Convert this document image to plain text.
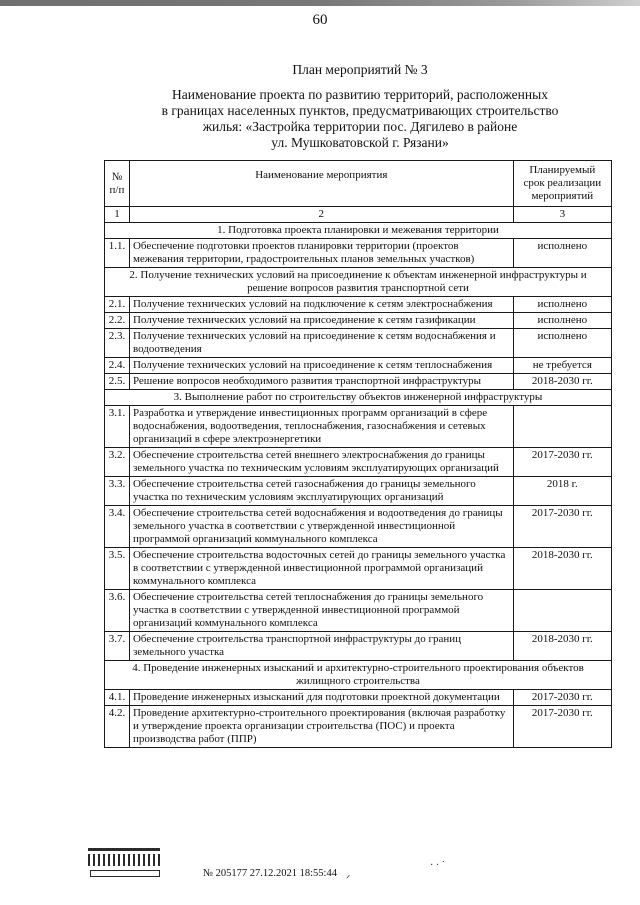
60
План мероприятий № 3
Наименование проекта по развитию территорий, расположенных
в границах населенных пунктов, предусматривающих строительство
жилья: «Застройка территории пос. Дягилево в районе
ул. Мушковатовской г. Рязани»
№
п/п	Наименование мероприятия	Планируемый
срок реализации
мероприятий
1	2	3
1. Подготовка проекта планировки и межевания территории		
1.1.	Обеспечение подготовки проектов планировки территории (проектов межевания территории, градостроительных планов земельных участков)	исполнено
2. Получение технических условий на присоединение к объектам инженерной инфраструктуры и решение вопросов развития транспортной сети		
2.1.	Получение технических условий на подключение к сетям электроснабжения	исполнено
2.2.	Получение технических условий на присоединение к сетям газификации	исполнено
2.3.	Получение технических условий на присоединение к сетям водоснабжения и водоотведения	исполнено
2.4.	Получение технических условий на присоединение к сетям теплоснабжения	не требуется
2.5.	Решение вопросов необходимого развития транспортной инфраструктуры	2018-2030 гг.
3. Выполнение работ по строительству объектов инженерной инфраструктуры		
3.1.	Разработка и утверждение инвестиционных программ организаций в сфере водоснабжения, водоотведения, теплоснабжения, газоснабжения и сетевых организаций в сфере электроэнергетики	
3.2.	Обеспечение строительства сетей внешнего электроснабжения до границы земельного участка по техническим условиям эксплуатирующих организаций	2017-2030 гг.
3.3.	Обеспечение строительства сетей газоснабжения до границы земельного участка по техническим условиям эксплуатирующих организаций	2018 г.
3.4.	Обеспечение строительства сетей водоснабжения и водоотведения до границы земельного участка в соответствии с утвержденной инвестиционной программой организаций коммунального комплекса	2017-2030 гг.
3.5.	Обеспечение строительства водосточных сетей до границы земельного участка в соответствии с утвержденной инвестиционной программой организаций коммунального комплекса	2018-2030 гг.
3.6.	Обеспечение строительства сетей теплоснабжения до границы земельного участка в соответствии с утвержденной инвестиционной программой организаций коммунального комплекса	
3.7.	Обеспечение строительства транспортной инфраструктуры до границ земельного участка	2018-2030 гг.
4. Проведение инженерных изысканий и архитектурно-строительного проектирования объектов жилищного строительства		
4.1.	Проведение инженерных изысканий для подготовки проектной документации	2017-2030 гг.
4.2.	Проведение архитектурно-строительного проектирования (включая разработку и утверждение проекта организации строительства (ПОС) и проекта производства работ (ППР)	2017-2030 гг.
№ 205177 27.12.2021 18:55:44
· · ˙
ᐟ
